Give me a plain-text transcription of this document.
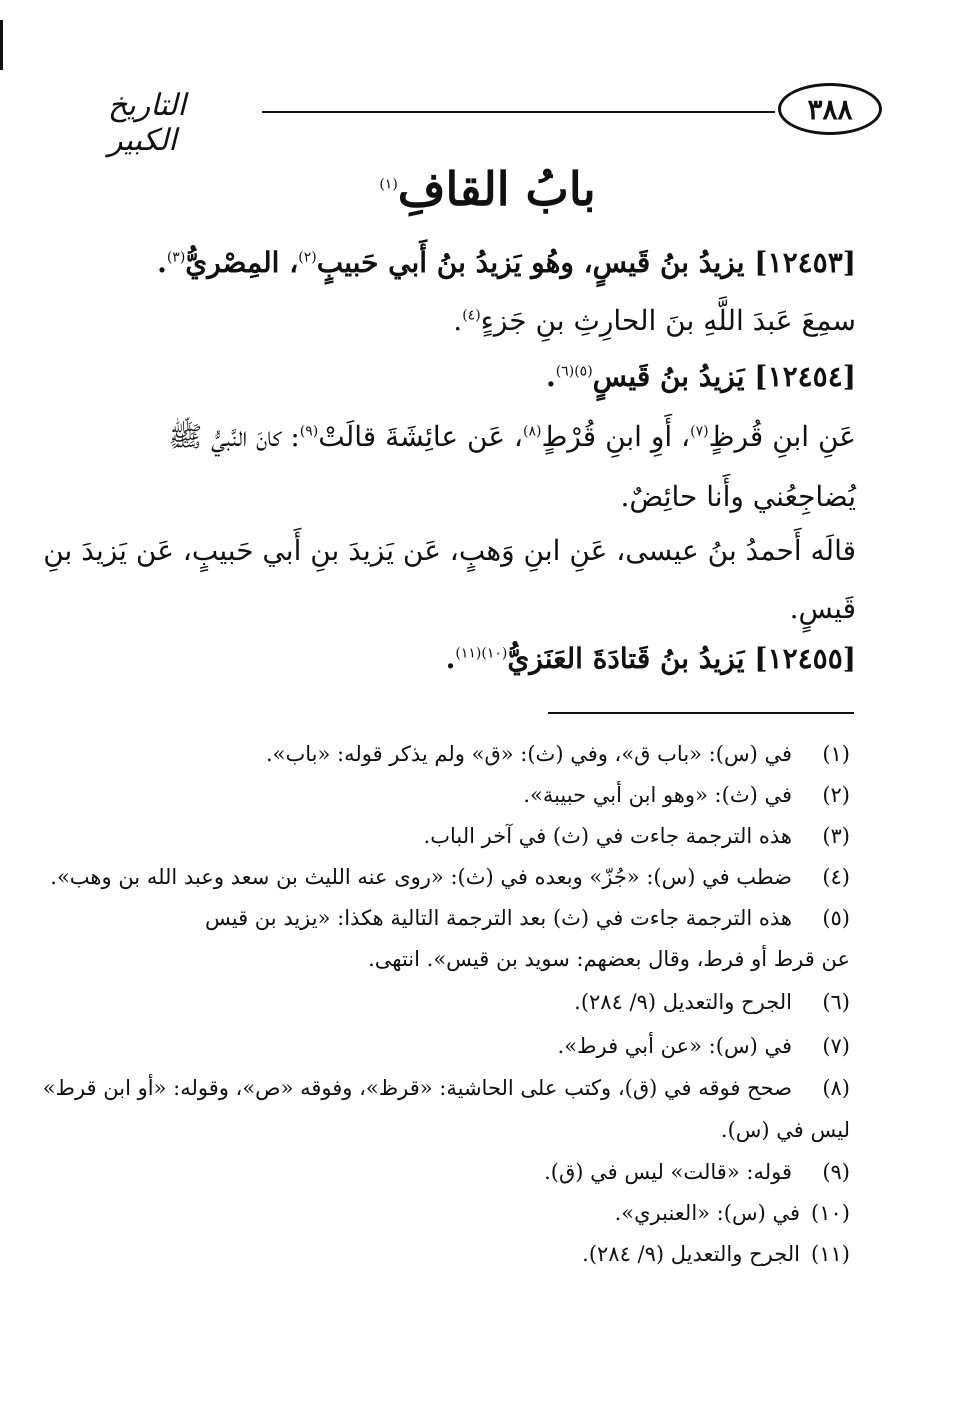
٣٨٨
التاريخ الكبير
بابُ القافِ$^{(١)}$
[١٢٤٥٣] يزيدُ بنُ قَيسٍ، وهُو يَزيدُ بنُ أَبي حَبيبٍ$^{(٢)}$، المِصْريُّ$^{(٣)}$.
سمِعَ عَبدَ اللَّهِ بنَ الحارِثِ بنِ جَزءٍ$^{(٤)}$.
[١٢٤٥٤] يَزيدُ بنُ قَيسٍ$^{(٥)(٦)}$.
عَنِ ابنِ قُرظٍ$^{(٧)}$، أَوِ ابنِ قُرْطٍ$^{(٨)}$، عَن عائِشَةَ قالَتْ$^{(٩)}$: كانَ النَّبيُّ ﷺ
يُضاجِعُني وأَنا حائِضٌ.
قالَه أَحمدُ بنُ عيسى، عَنِ ابنِ وَهبٍ، عَن يَزيدَ بنِ أَبي حَبيبٍ، عَن يَزيدَ بنِ
قَيسٍ.
[١٢٤٥٥] يَزيدُ بنُ قَتادَةَ العَنَزيُّ$^{(١٠)(١١)}$.
(١)
في (س): «باب ق»، وفي (ث): «ق» ولم يذكر قوله: «باب».
(٢)
في (ث): «وهو ابن أبي حبيبة».
(٣)
هذه الترجمة جاءت في (ث) في آخر الباب.
(٤)
ضطب في (س): «جُزّ» وبعده في (ث): «روى عنه الليث بن سعد وعبد الله بن وهب».
(٥)
هذه الترجمة جاءت في (ث) بعد الترجمة التالية هكذا: «يزيد بن قيس
عن قرط أو فرط، وقال بعضهم: سويد بن قيس». انتهى.
(٦)
الجرح والتعديل (٩/ ٢٨٤).
(٧)
في (س): «عن أبي فرط».
(٨)
صحح فوقه في (ق)، وكتب على الحاشية: «قرظ»، وفوقه «ص»، وقوله: «أو ابن قرط»
ليس في (س).
(٩)
قوله: «قالت» ليس في (ق).
(١٠)
في (س): «العنبري».
(١١)
الجرح والتعديل (٩/ ٢٨٤).
